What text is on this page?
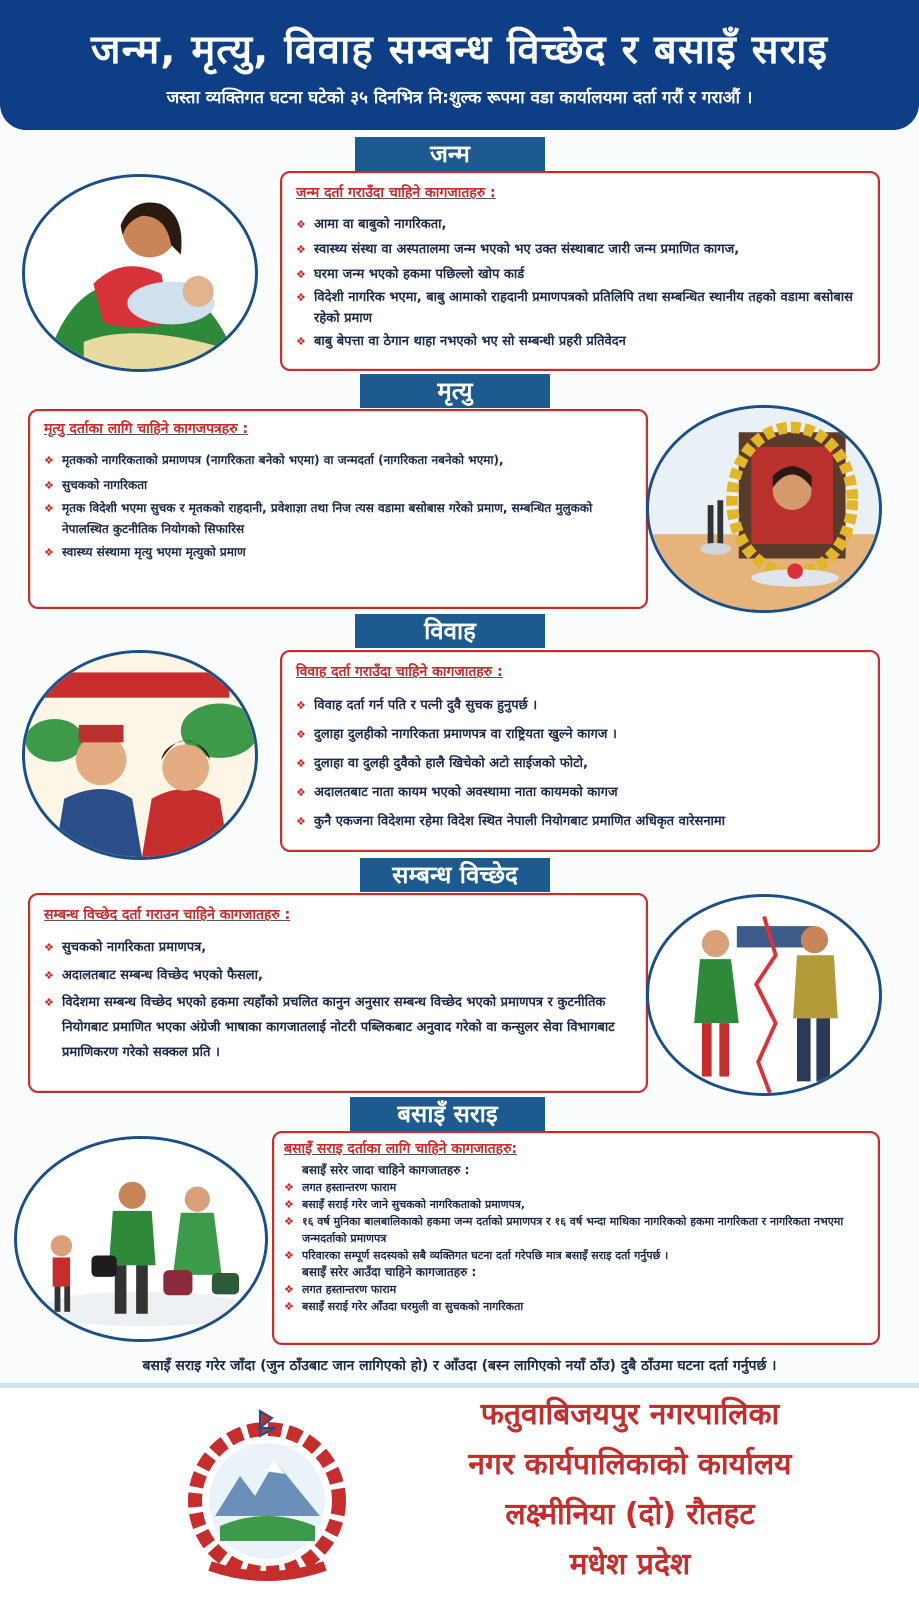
जन्म, मृत्यु, विवाह सम्बन्ध विच्छेद र बसाइँ सराइ

जस्ता व्यक्तिगत घटना घटेको ३५ दिनभित्र नि:शुल्क रूपमा वडा कार्यालयमा दर्ता गरौं र गराऔं ।

जन्म
जन्म दर्ता गराउँदा चाहिने कागजातहरु :
❖ आमा वा बाबुको नागरिकता,
❖ स्वास्थ्य संस्था वा अस्पतालमा जन्म भएको भए उक्त संस्थाबाट जारी जन्म प्रमाणित कागज,
❖ घरमा जन्म भएको हकमा पछिल्लो खोप कार्ड
❖ विदेशी नागरिक भएमा, बाबु आमाको राहदानी प्रमाणपत्रको प्रतिलिपि तथा सम्बन्धित स्थानीय तहको वडामा बसोबास रहेको प्रमाण
❖ बाबु बेपत्ता वा ठेगान थाहा नभएको भए सो सम्बन्धी प्रहरी प्रतिवेदन
मृत्यु
मृत्यु दर्ताका लागि चाहिने कागजपत्रहरु :
❖ मृतकको नागरिकताको प्रमाणपत्र (नागरिकता बनेको भएमा) वा जन्मदर्ता (नागरिकता नबनेको भएमा),
❖ सुचकको नागरिकता
❖ मृतक विदेशी भएमा सुचक र मृतकको राहदानी, प्रवेशाज्ञा तथा निज त्यस वडामा बसोबास गरेको प्रमाण, सम्बन्धित मुलुकको नेपालस्थित कुटनीतिक नियोगको सिफारिस
❖ स्वास्थ्य संस्थामा मृत्यु भएमा मृत्युको प्रमाण
विवाह
विवाह दर्ता गराउँदा चाहिने कागजातहरु :
❖ विवाह दर्ता गर्न पति र पत्नी दुवै सुचक हुनुपर्छ ।
❖ दुलाहा दुलहीको नागरिकता प्रमाणपत्र वा राष्ट्रियता खुल्ने कागज ।
❖ दुलाहा वा दुलही दुवैको हालै खिचेको अटो साईजको फोटो,
❖ अदालतबाट नाता कायम भएको अवस्थामा नाता कायमको कागज
❖ कुनै एकजना विदेशमा रहेमा विदेश स्थित नेपाली नियोगबाट प्रमाणित अधिकृत वारेसनामा
सम्बन्ध विच्छेद
सम्बन्ध विच्छेद दर्ता गराउन चाहिने कागजातहरु :
❖ सुचकको नागरिकता प्रमाणपत्र,
❖ अदालतबाट सम्बन्ध विच्छेद भएको फैसला,
❖ विदेशमा सम्बन्ध विच्छेद भएको हकमा त्यहाँको प्रचलित कानुन अनुसार सम्बन्ध विच्छेद भएको प्रमाणपत्र र कुटनीतिक नियोगबाट प्रमाणित भएका अंग्रेजी भाषाका कागजातलाई नोटरी पब्लिकबाट अनुवाद गरेको वा कन्सुलर सेवा विभागबाट प्रमाणिकरण गरेको सक्कल प्रति ।
बसाइँ सराइ
बसाइँ सराइ दर्ताका लागि चाहिने कागजातहरु:
बसाइँ सरेर जादा चाहिने कागजातहरु :
❖ लगत हस्तान्तरण फाराम
❖ बसाइँ सराई गरेर जाने सुचकको नागरिकताको प्रमाणपत्र,
❖ १६ वर्ष मुनिका बालबालिकाको हकमा जन्म दर्ताको प्रमाणपत्र र १६ वर्ष भन्दा माथिका नागरिकको हकमा नागरिकता र नागरिकता नभएमा जन्मदर्ताको प्रमाणपत्र
❖ परिवारका सम्पूर्ण सदस्यको सबै व्यक्तिगत घटना दर्ता गरेपछि मात्र बसाइँ सराइ दर्ता गर्नुपर्छ ।
बसाइँ सरेर आउँदा चाहिने कागजातहरु :
❖ लगत हस्तान्तरण फाराम
❖ बसाइँ सराई गरेर आँउदा घरमुली वा सुचकको नागरिकता
बसाइँ सराइ गरेर जाँदा (जुन ठाँउबाट जान लागिएको हो) र आँउदा (बस्न लागिएको नयाँ ठाँउ) दुबै ठाँउमा घटना दर्ता गर्नुपर्छ ।
फतुवाबिजयपुर नगरपालिका
नगर कार्यपालिकाको कार्यालय
लक्ष्मीनिया (दो) रौतहट
मधेश प्रदेश
